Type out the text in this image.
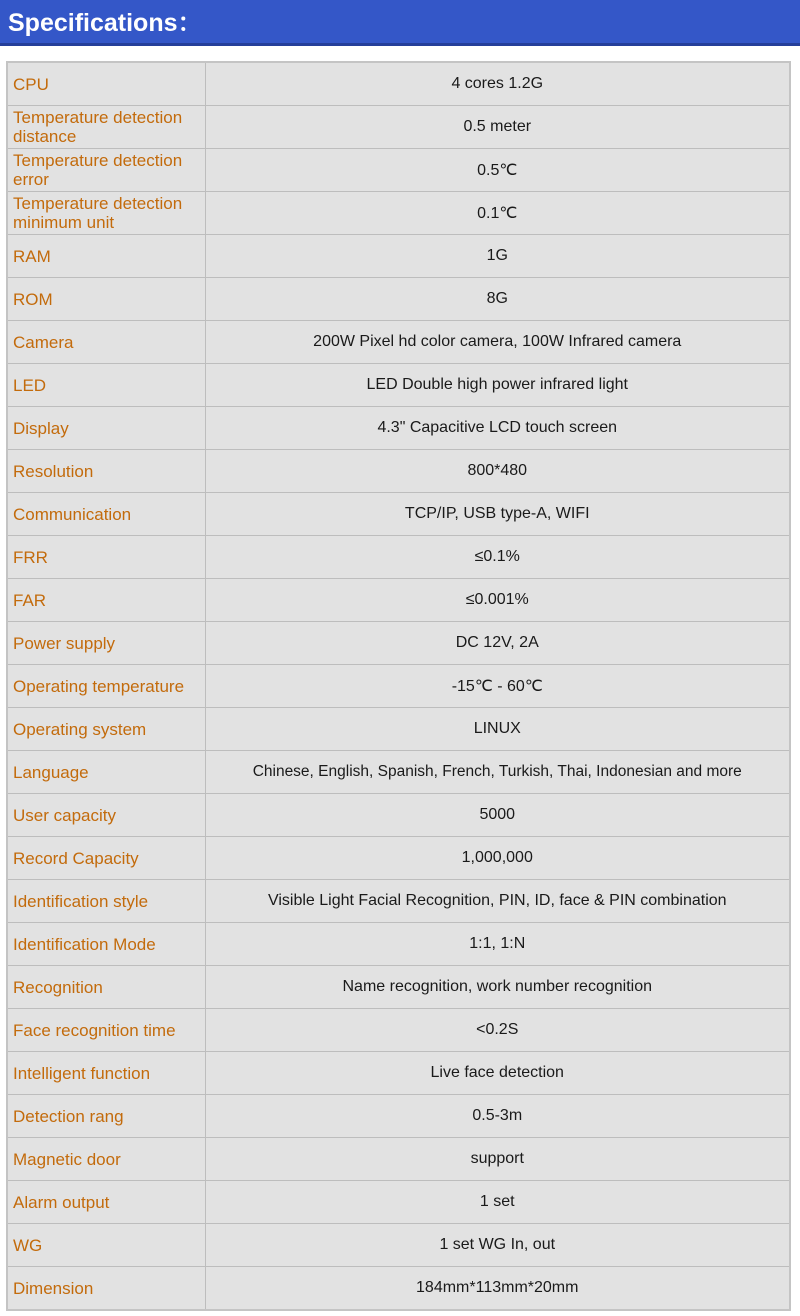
Specifications：
CPU	4 cores 1.2G
Temperature detection distance	0.5 meter
Temperature detection error	0.5℃
Temperature detection minimum unit	0.1℃
RAM	1G
ROM	8G
Camera	200W Pixel hd color camera, 100W Infrared camera
LED	LED Double high power infrared light
Display	4.3" Capacitive LCD touch screen
Resolution	800*480
Communication	TCP/IP, USB type-A, WIFI
FRR	≤0.1%
FAR	≤0.001%
Power supply	DC 12V, 2A
Operating temperature	-15℃ - 60℃
Operating system	LINUX
Language	Chinese, English, Spanish, French, Turkish, Thai, Indonesian and more
User capacity	5000
Record Capacity	1,000,000
Identification style	Visible Light Facial Recognition, PIN, ID, face & PIN combination
Identification Mode	1:1, 1:N
Recognition	Name recognition, work number recognition
Face recognition time	<0.2S
Intelligent function	Live face detection
Detection rang	0.5-3m
Magnetic door	support
Alarm output	1 set
WG	1 set WG In, out
Dimension	184mm*113mm*20mm
